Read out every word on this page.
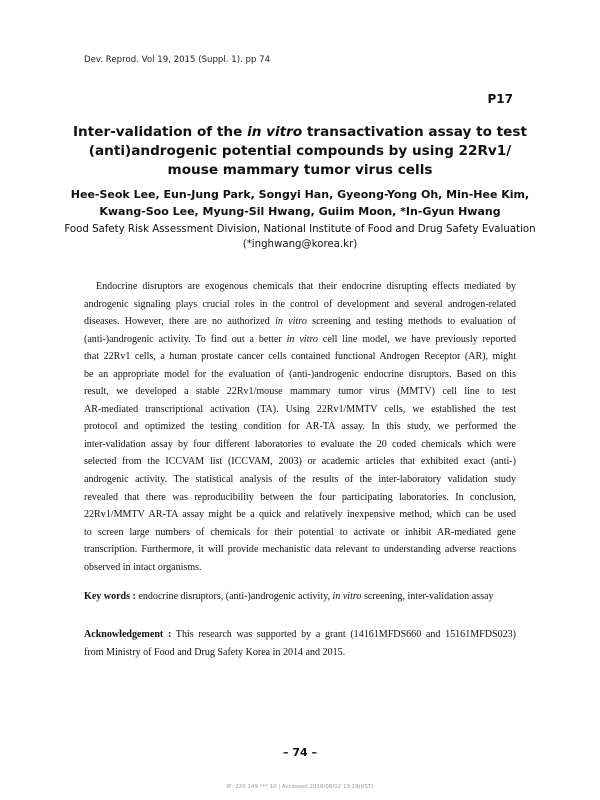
Dev. Reprod. Vol 19, 2015 (Suppl. 1). pp 74
P17
Inter-validation of the in vitro transactivation assay to test
(anti)androgenic potential compounds by using 22Rv1/
mouse mammary tumor virus cells
Hee-Seok Lee, Eun-Jung Park, Songyi Han, Gyeong-Yong Oh, Min-Hee Kim,
Kwang-Soo Lee, Myung-Sil Hwang, Guiim Moon, *In-Gyun Hwang
Food Safety Risk Assessment Division, National Institute of Food and Drug Safety Evaluation
(*inghwang@korea.kr)
Endocrine disruptors are exogenous chemicals that their endocrine disrupting effects mediated by
androgenic signaling plays crucial roles in the control of development and several androgen-related
diseases. However, there are no authorized in vitro screening and testing methods to evaluation of
(anti-)androgenic activity. To find out a better in vitro cell line model, we have previously reported
that 22Rv1 cells, a human prostate cancer cells contained functional Androgen Receptor (AR), might
be an appropriate model for the evaluation of (anti-)androgenic endocrine disruptors. Based on this
result, we developed a stable 22Rv1/mouse mammary tumor virus (MMTV) cell line to test
AR-mediated transcriptional activation (TA). Using 22Rv1/MMTV cells, we established the test
protocol and optimized the testing condition for AR-TA assay. In this study, we performed the
inter-validation assay by four different laboratories to evaluate the 20 coded chemicals which were
selected from the ICCVAM list (ICCVAM, 2003) or academic articles that exhibited exact (anti-)
androgenic activity. The statistical analysis of the results of the inter-laboratory validation study
revealed that there was reproducibility between the four participating laboratories. In conclusion,
22Rv1/MMTV AR-TA assay might be a quick and relatively inexpensive method, which can be used
to screen large numbers of chemicals for their potential to activate or inhibit AR-mediated gene
transcription. Furthermore, it will provide mechanistic data relevant to understanding adverse reactions
observed in intact organisms.

Key words : endocrine disruptors, (anti-)androgenic activity, in vitro screening, inter-validation assay

Acknowledgement : This research was supported by a grant (14161MFDS660 and 15161MFDS023)
from Ministry of Food and Drug Safety Korea in 2014 and 2015.

– 74 –

IP: 220.149.*** 10 | Accessed 2018/08/02 13:19(KST)
